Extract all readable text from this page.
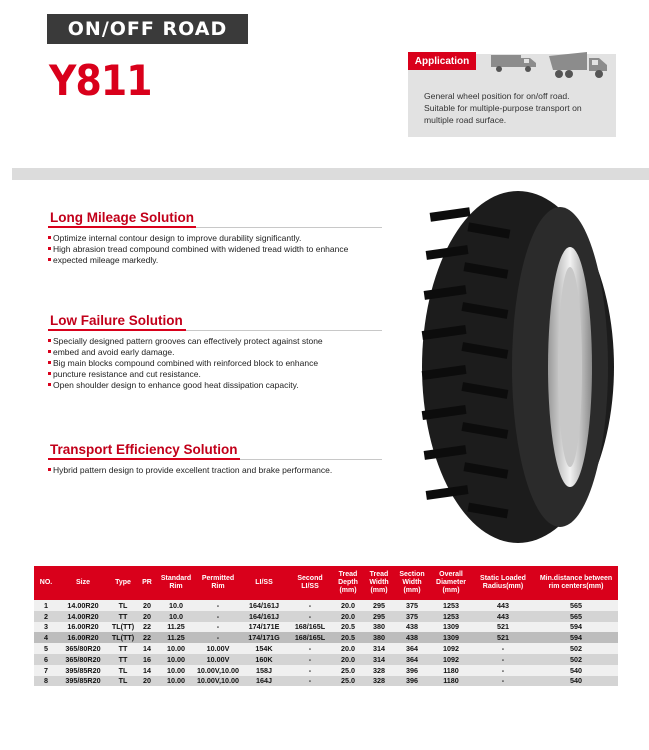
ON/OFF ROAD
Y811	Application
General wheel position for on/off road.
Suitable for multiple-purpose transport on
multiple road surface.
Long Mileage Solution
Optimize internal contour design to improve durability significantly.
High abrasion tread compound combined with widened tread width to enhance
expected mileage markedly.
Low Failure Solution
Specially designed pattern grooves can effectively protect against stone
embed and avoid early damage.
Big main blocks compound combined with reinforced block to enhance
puncture resistance and cut resistance.
Open shoulder design to enhance good heat dissipation capacity.
Transport Efficiency Solution
Hybrid pattern design to provide excellent traction and brake performance.
NO.	Size	Type	PR	Standard Rim	Permitted Rim	LI/SS	Second LI/SS	Tread Depth (mm)	Tread Width (mm)	Section Width (mm)	Overall Diameter (mm)	Static Loaded Radius(mm)	Min.distance between rim centers(mm)
1	14.00R20	TL	20	10.0	-	164/161J	-	20.0	295	375	1253	443	565
2	14.00R20	TT	20	10.0	-	164/161J	-	20.0	295	375	1253	443	565
3	16.00R20	TL(TT)	22	11.25	-	174/171E	168/165L	20.5	380	438	1309	521	594
4	16.00R20	TL(TT)	22	11.25	-	174/171G	168/165L	20.5	380	438	1309	521	594
5	365/80R20	TT	14	10.00	10.00V	154K	-	20.0	314	364	1092	-	502
6	365/80R20	TT	16	10.00	10.00V	160K	-	20.0	314	364	1092	-	502
7	395/85R20	TL	14	10.00	10.00V,10.00	158J	-	25.0	328	396	1180	-	540
8	395/85R20	TL	20	10.00	10.00V,10.00	164J	-	25.0	328	396	1180	-	540
